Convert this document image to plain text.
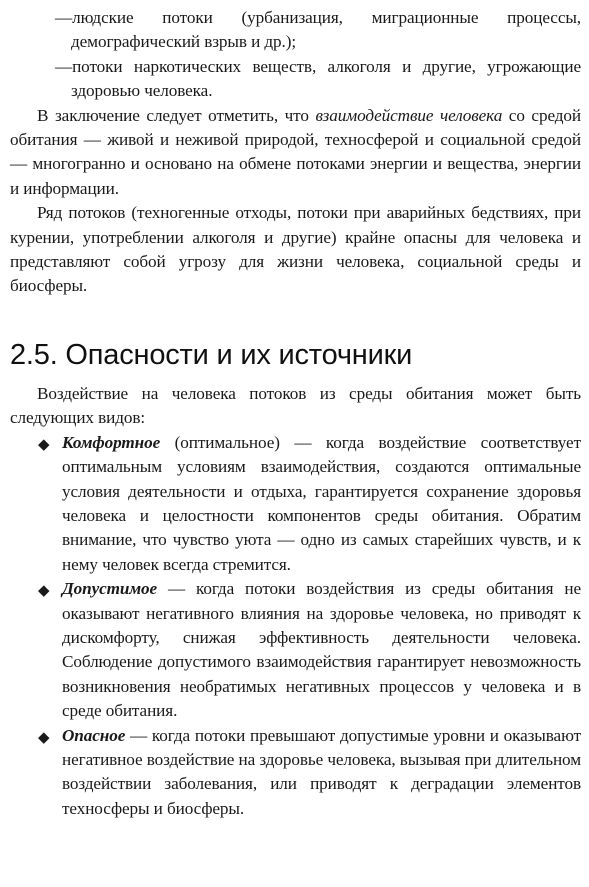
—людские потоки (урбанизация, миграционные процессы, демографический взрыв и др.);

—потоки наркотических веществ, алкоголя и другие, угрожающие здоровью человека.

В заключение следует отметить, что взаимодействие человека со средой обитания — живой и неживой природой, техносферой и социальной средой — многогранно и основано на обмене потоками энергии и вещества, энергии и информации.

Ряд потоков (техногенные отходы, потоки при аварийных бедствиях, при курении, употреблении алкоголя и другие) крайне опасны для человека и представляют собой угрозу для жизни человека, социальной среды и биосферы.

2.5. Опасности и их источники

Воздействие на человека потоков из среды обитания может быть следующих видов:

◆ Комфортное (оптимальное) — когда воздействие соответствует оптимальным условиям взаимодействия, создаются оптимальные условия деятельности и отдыха, гарантируется сохранение здоровья человека и целостности компонентов среды обитания. Обратим внимание, что чувство уюта — одно из самых старейших чувств, и к нему человек всегда стремится.
◆ Допустимое — когда потоки воздействия из среды обитания не оказывают негативного влияния на здоровье человека, но приводят к дискомфорту, снижая эффективность деятельности человека. Соблюдение допустимого взаимодействия гарантирует невозможность возникновения необратимых негативных процессов у человека и в среде обитания.
◆ Опасное — когда потоки превышают допустимые уровни и оказывают негативное воздействие на здоровье человека, вызывая при длительном воздействии заболевания, или приводят к деградации элементов техносферы и биосферы.
